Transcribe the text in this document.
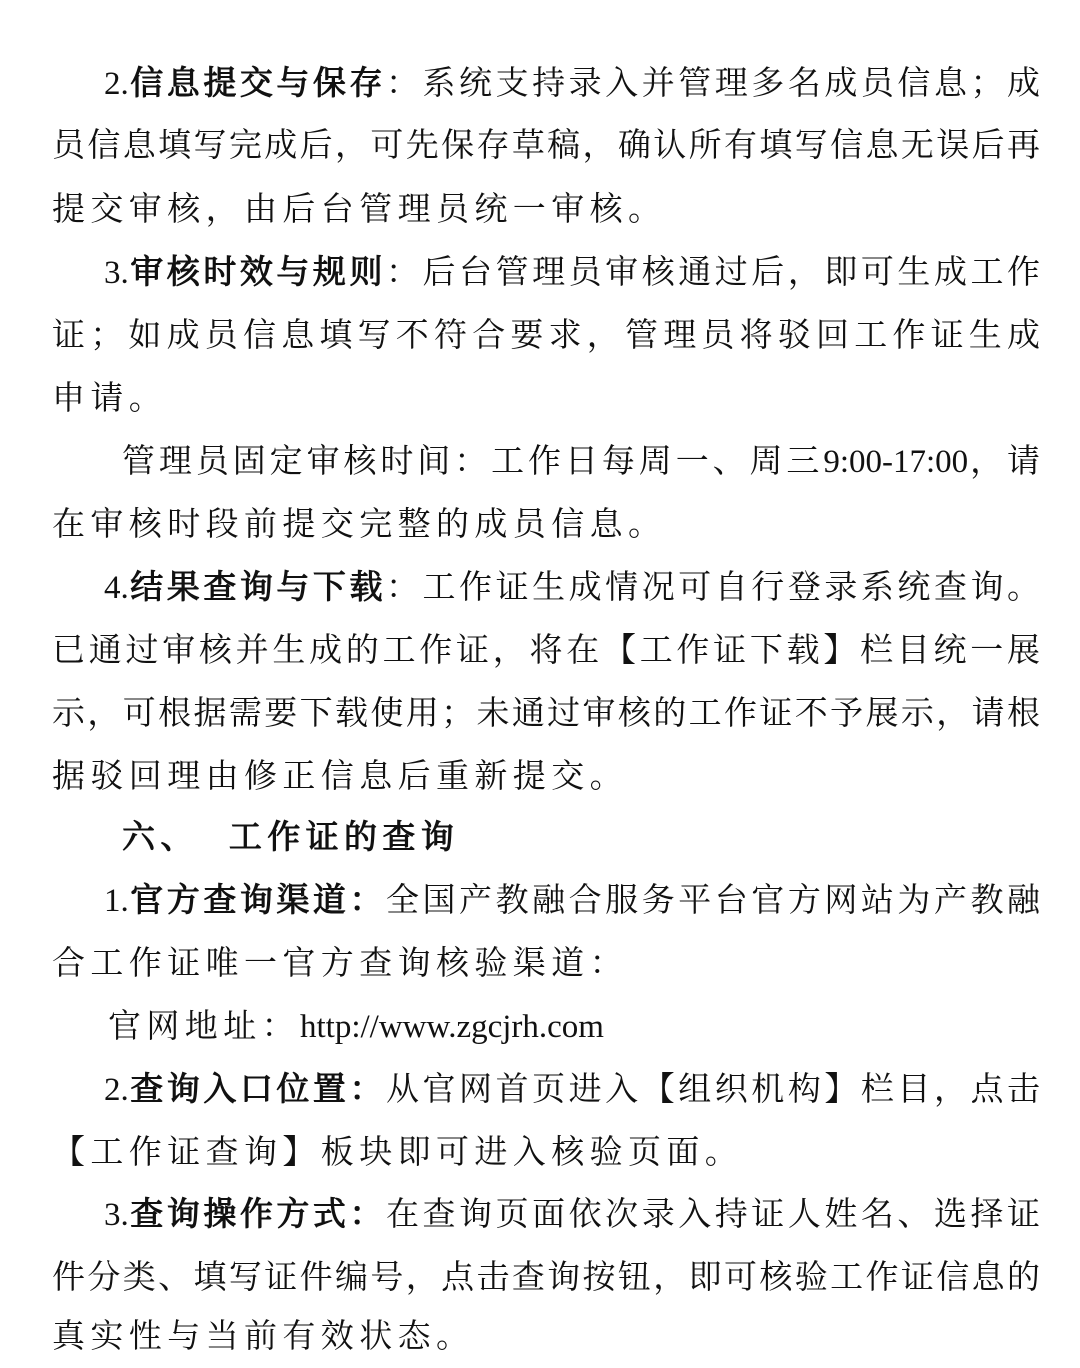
2.信息提交与保存：系统支持录入并管理多名成员信息；成
员信息填写完成后，可先保存草稿，确认所有填写信息无误后再
提交审核，由后台管理员统一审核。
3.审核时效与规则：后台管理员审核通过后，即可生成工作
证；如成员信息填写不符合要求，管理员将驳回工作证生成
申请。
管理员固定审核时间：工作日每周一、周三9:00-17:00，请
在审核时段前提交完整的成员信息。
4.结果查询与下载：工作证生成情况可自行登录系统查询。
已通过审核并生成的工作证，将在【工作证下载】栏目统一展
示，可根据需要下载使用；未通过审核的工作证不予展示，请根
据驳回理由修正信息后重新提交。
六、 工作证的查询
1.官方查询渠道：全国产教融合服务平台官方网站为产教融
合工作证唯一官方查询核验渠道：
官网地址：http://www.zgcjrh.com
2.查询入口位置：从官网首页进入【组织机构】栏目，点击
【工作证查询】板块即可进入核验页面。
3.查询操作方式：在查询页面依次录入持证人姓名、选择证
件分类、填写证件编号，点击查询按钮，即可核验工作证信息的
真实性与当前有效状态。
